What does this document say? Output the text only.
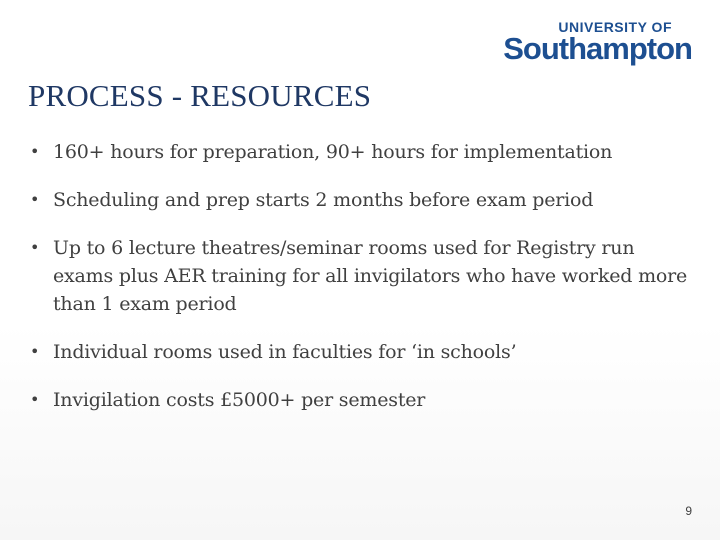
UNIVERSITY OF
Southampton
PROCESS - RESOURCES
• 160+ hours for preparation, 90+ hours for implementation
• Scheduling and prep starts 2 months before exam period
• Up to 6 lecture theatres/seminar rooms used for Registry run exams plus AER training for all invigilators who have worked more than 1 exam period
• Individual rooms used in faculties for ‘in schools’
• Invigilation costs £5000+ per semester
9
